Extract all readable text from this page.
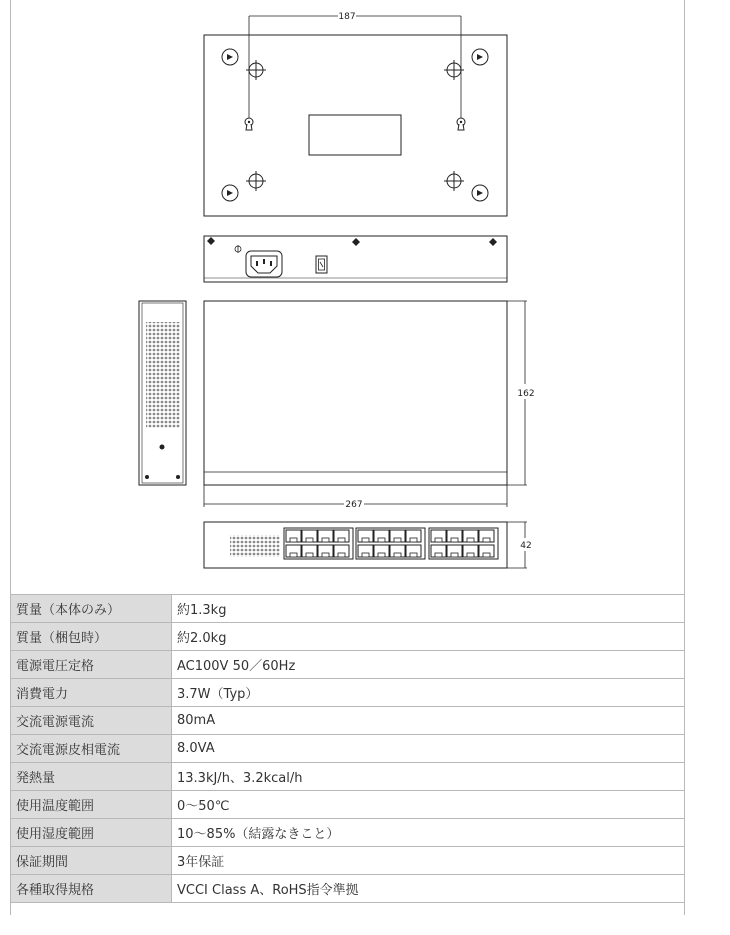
187
162
267
42
質量（本体のみ）	約1.3kg
質量（梱包時）	約2.0kg
電源電圧定格	AC100V 50／60Hz
消費電力	3.7W（Typ）
交流電源電流	80mA
交流電源皮相電流	8.0VA
発熱量	13.3kJ/h、3.2kcal/h
使用温度範囲	0〜50℃
使用湿度範囲	10〜85%（結露なきこと）
保証期間	3年保証
各種取得規格	VCCI Class A、RoHS指令準拠
